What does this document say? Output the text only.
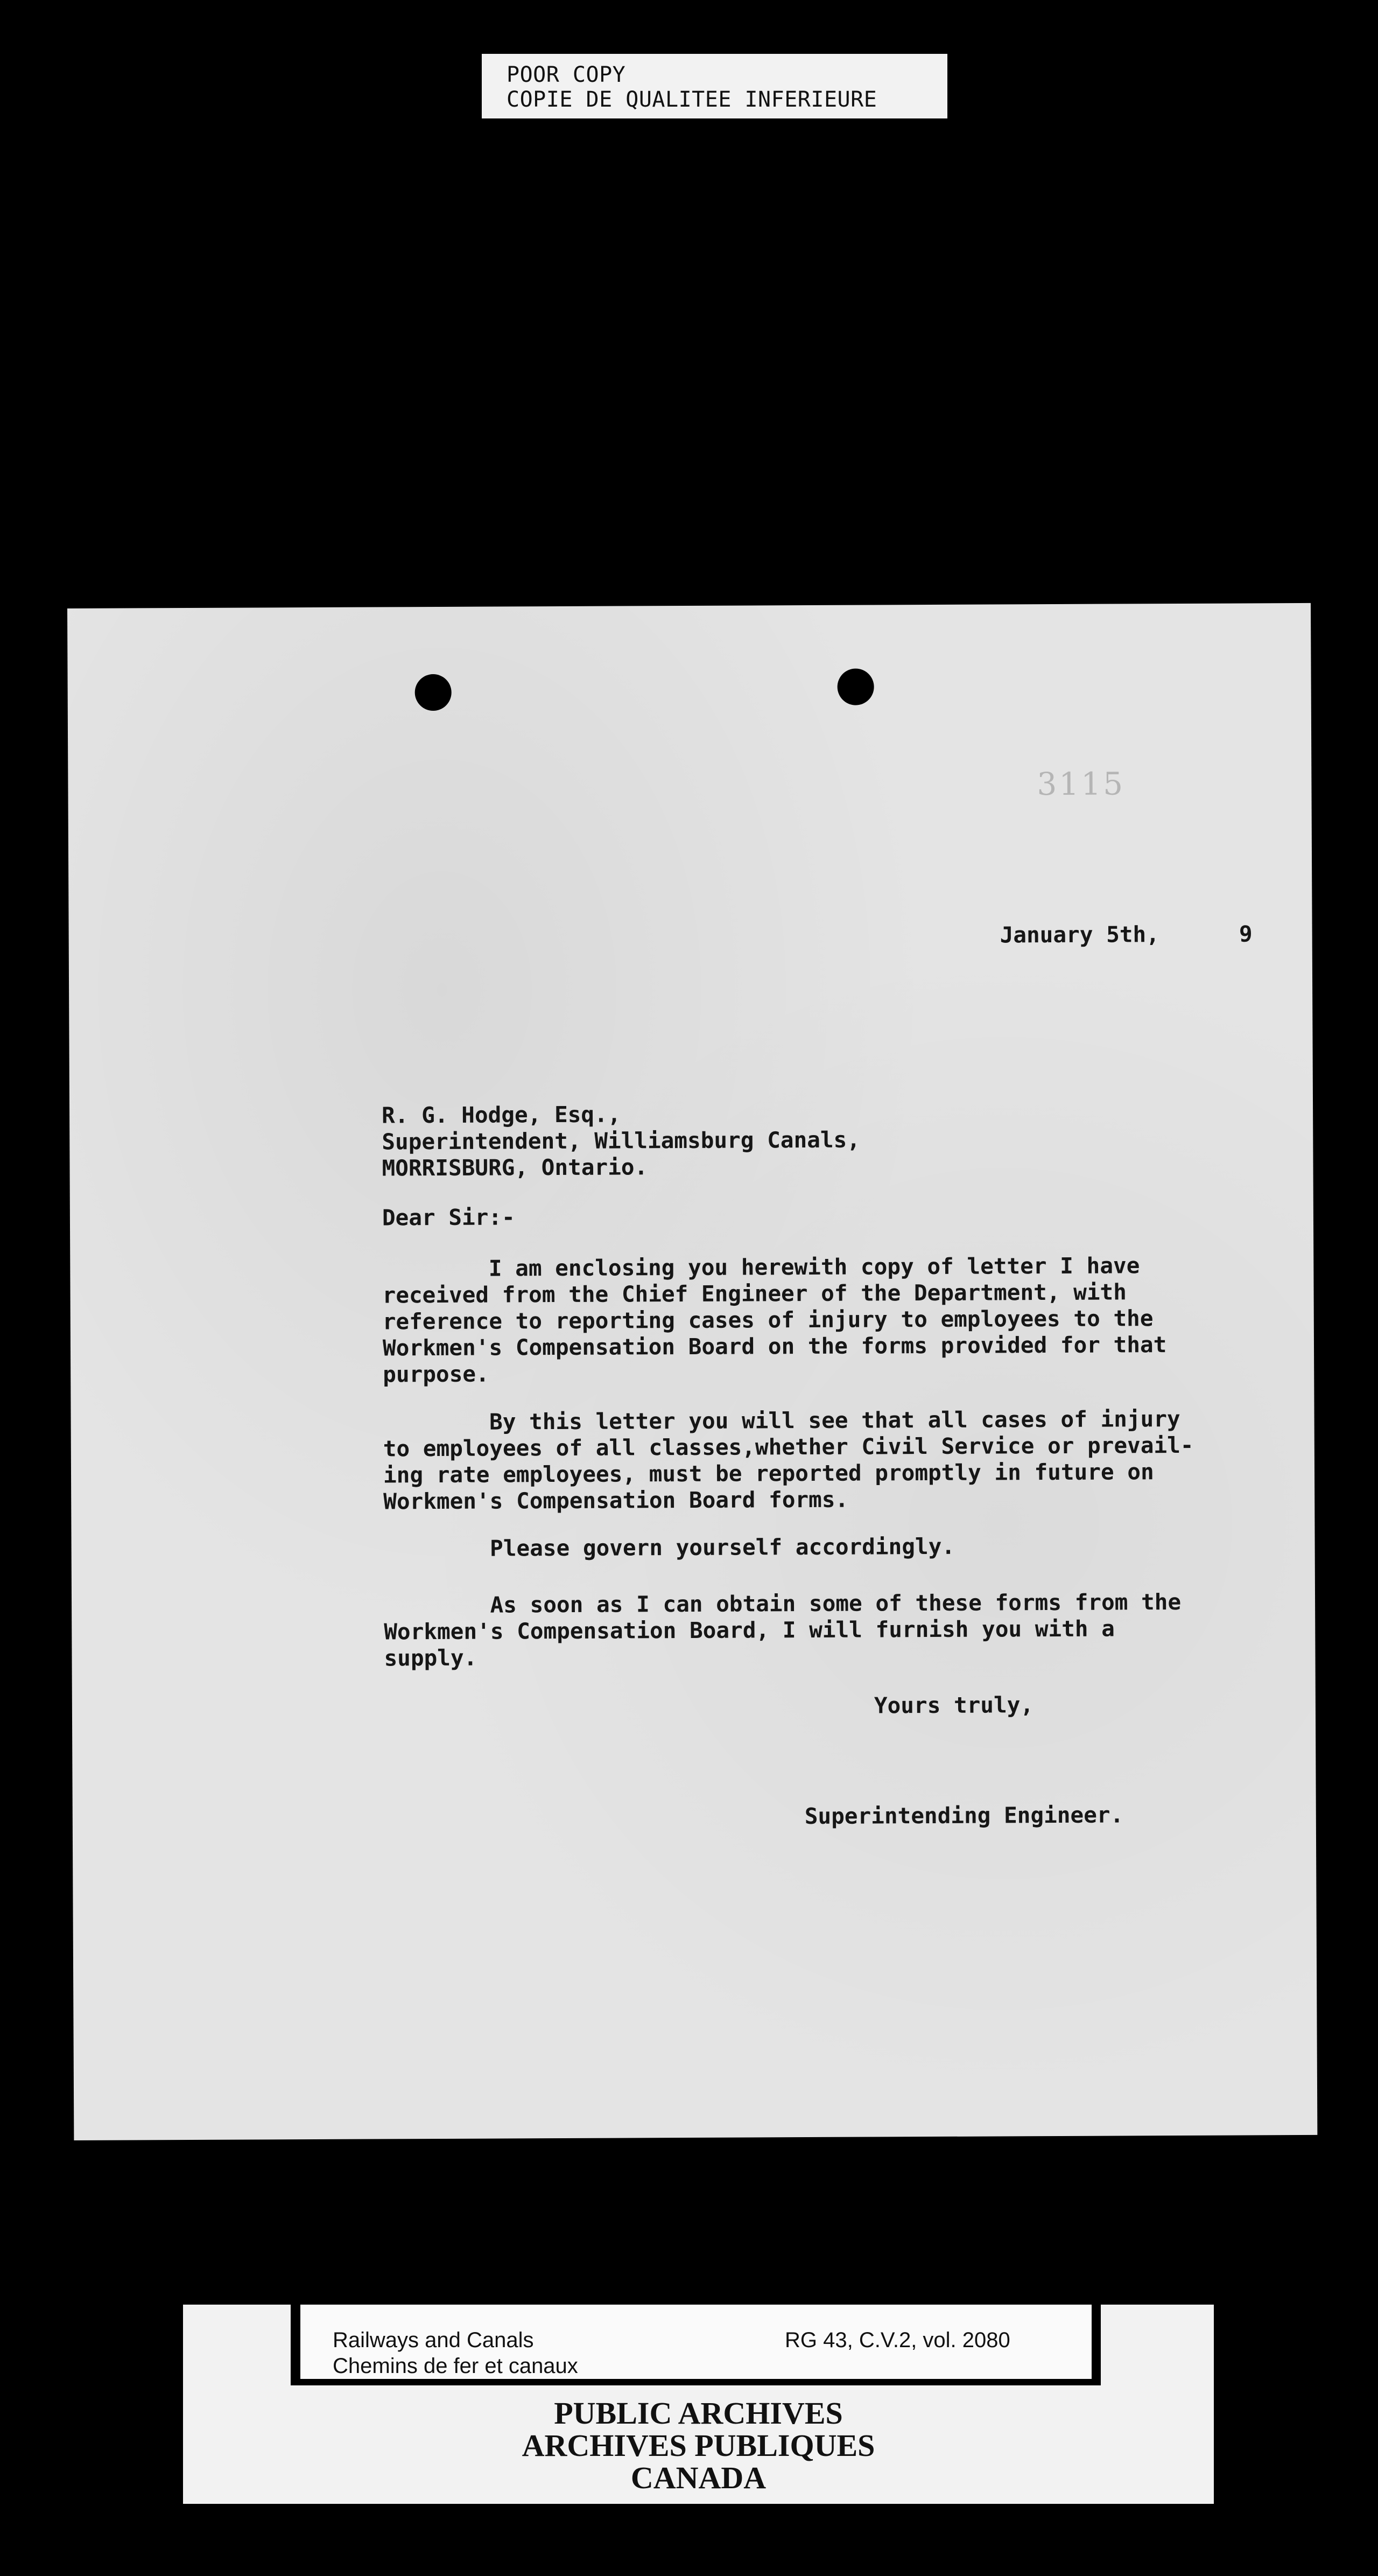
POOR COPY
COPIE DE QUALITEE INFERIEURE
3115

January 5th,      9

R. G. Hodge, Esq.,

Superintendent, Williamsburg Canals,

MORRISBURG, Ontario.

Dear Sir:-

I am enclosing you herewith copy of letter I have

received from the Chief Engineer of the Department, with

reference to reporting cases of injury to employees to the

Workmen's Compensation Board on the forms provided for that

purpose.

By this letter you will see that all cases of injury

to employees of all classes,whether Civil Service or prevail-

ing rate employees, must be reported promptly in future on

Workmen's Compensation Board forms.

Please govern yourself accordingly.

As soon as I can obtain some of these forms from the

Workmen's Compensation Board, I will furnish you with a

supply.

Yours truly,

Superintending Engineer.

Railways and Canals
Chemins de fer et canaux
RG 43, C.V.2, vol. 2080
PUBLIC ARCHIVES
ARCHIVES PUBLIQUES
CANADA
